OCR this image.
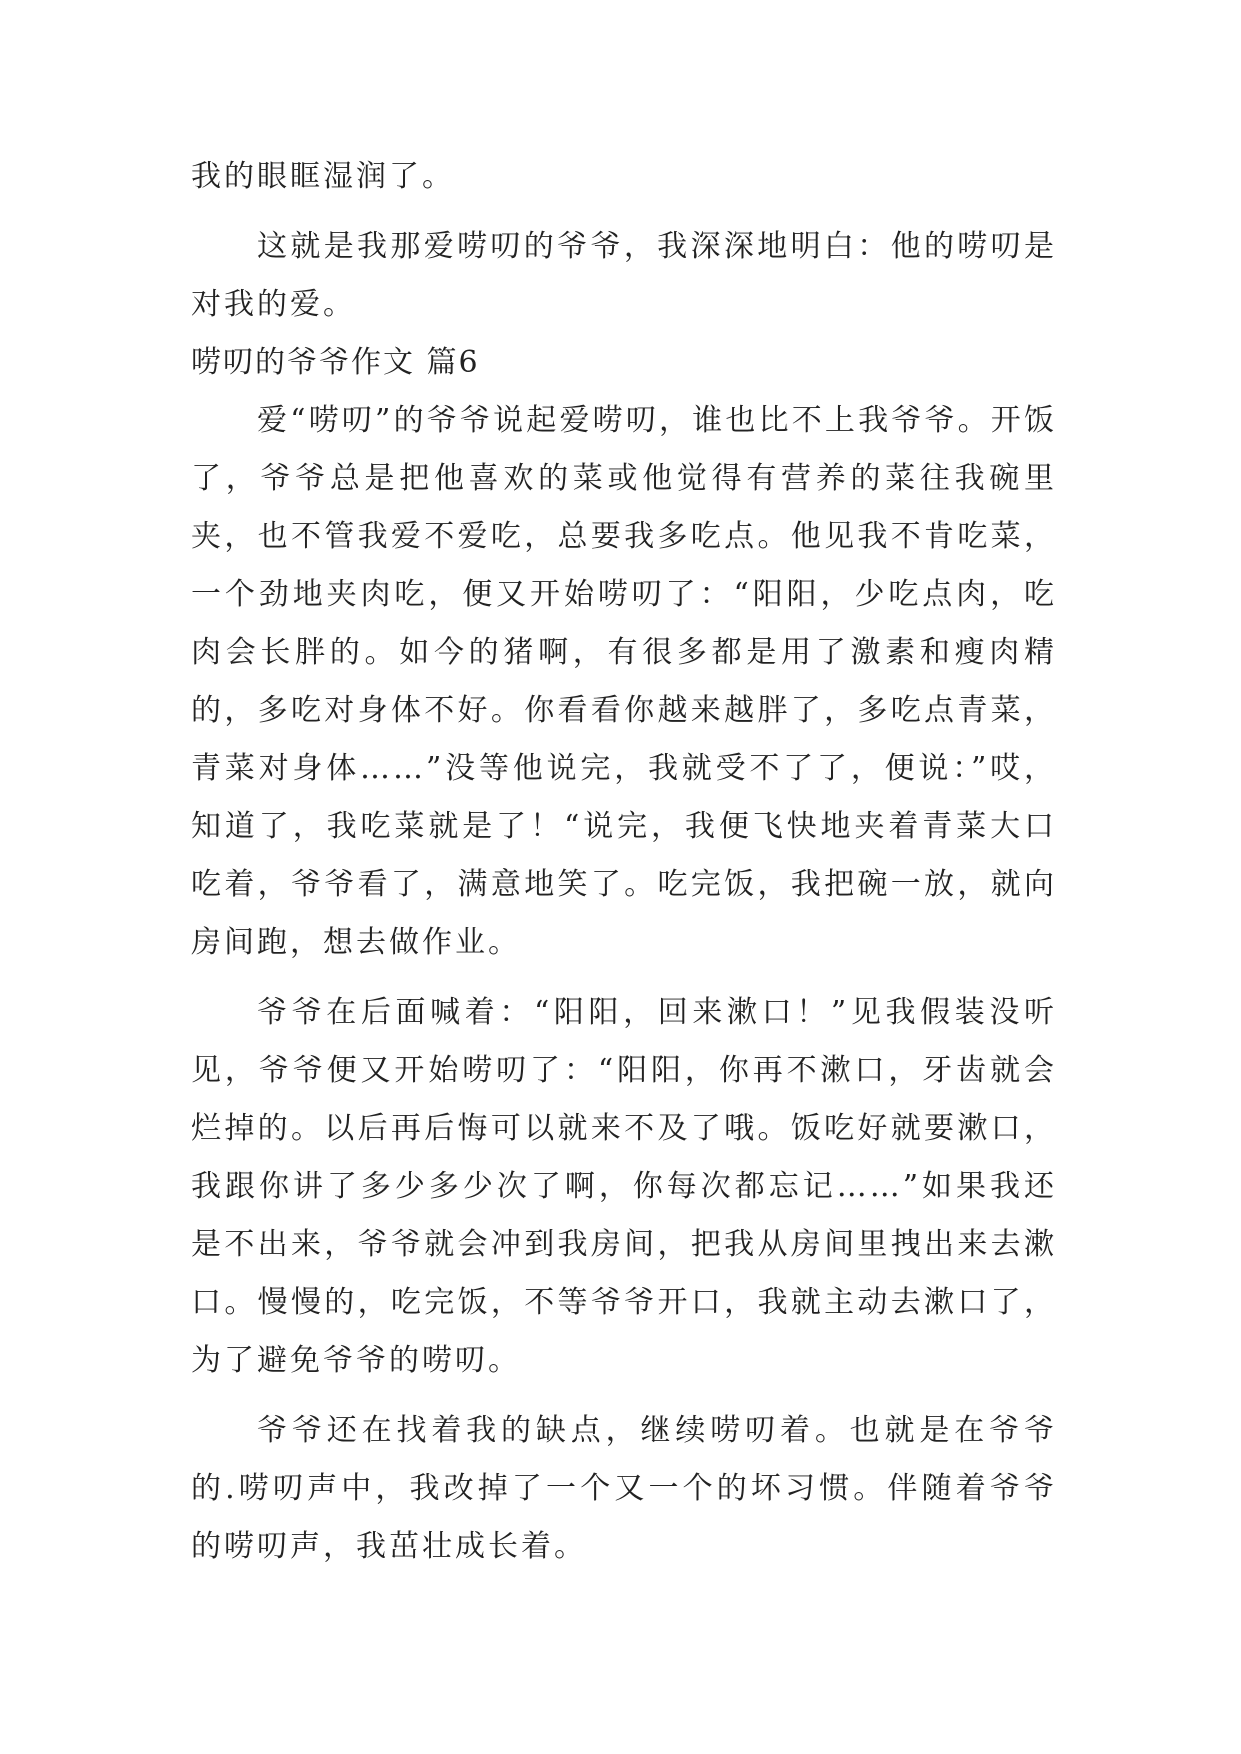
我的眼眶湿润了。

这就是我那爱唠叨的爷爷，我深深地明白：他的唠叨是对我的爱。

唠叨的爷爷作文 篇6

爱“唠叨”的爷爷说起爱唠叨，谁也比不上我爷爷。开饭了，爷爷总是把他喜欢的菜或他觉得有营养的菜往我碗里夹，也不管我爱不爱吃，总要我多吃点。他见我不肯吃菜，一个劲地夹肉吃，便又开始唠叨了：“阳阳，少吃点肉，吃肉会长胖的。如今的猪啊，有很多都是用了激素和瘦肉精的，多吃对身体不好。你看看你越来越胖了，多吃点青菜，青菜对身体……”没等他说完，我就受不了了，便说：”哎，知道了，我吃菜就是了！“说完，我便飞快地夹着青菜大口吃着，爷爷看了，满意地笑了。吃完饭，我把碗一放，就向房间跑，想去做作业。

爷爷在后面喊着：“阳阳，回来漱口！”见我假装没听见，爷爷便又开始唠叨了：“阳阳，你再不漱口，牙齿就会烂掉的。以后再后悔可以就来不及了哦。饭吃好就要漱口，我跟你讲了多少多少次了啊，你每次都忘记……”如果我还是不出来，爷爷就会冲到我房间，把我从房间里拽出来去漱口。慢慢的，吃完饭，不等爷爷开口，我就主动去漱口了，为了避免爷爷的唠叨。

爷爷还在找着我的缺点，继续唠叨着。也就是在爷爷的.唠叨声中，我改掉了一个又一个的坏习惯。伴随着爷爷的唠叨声，我茁壮成长着。
